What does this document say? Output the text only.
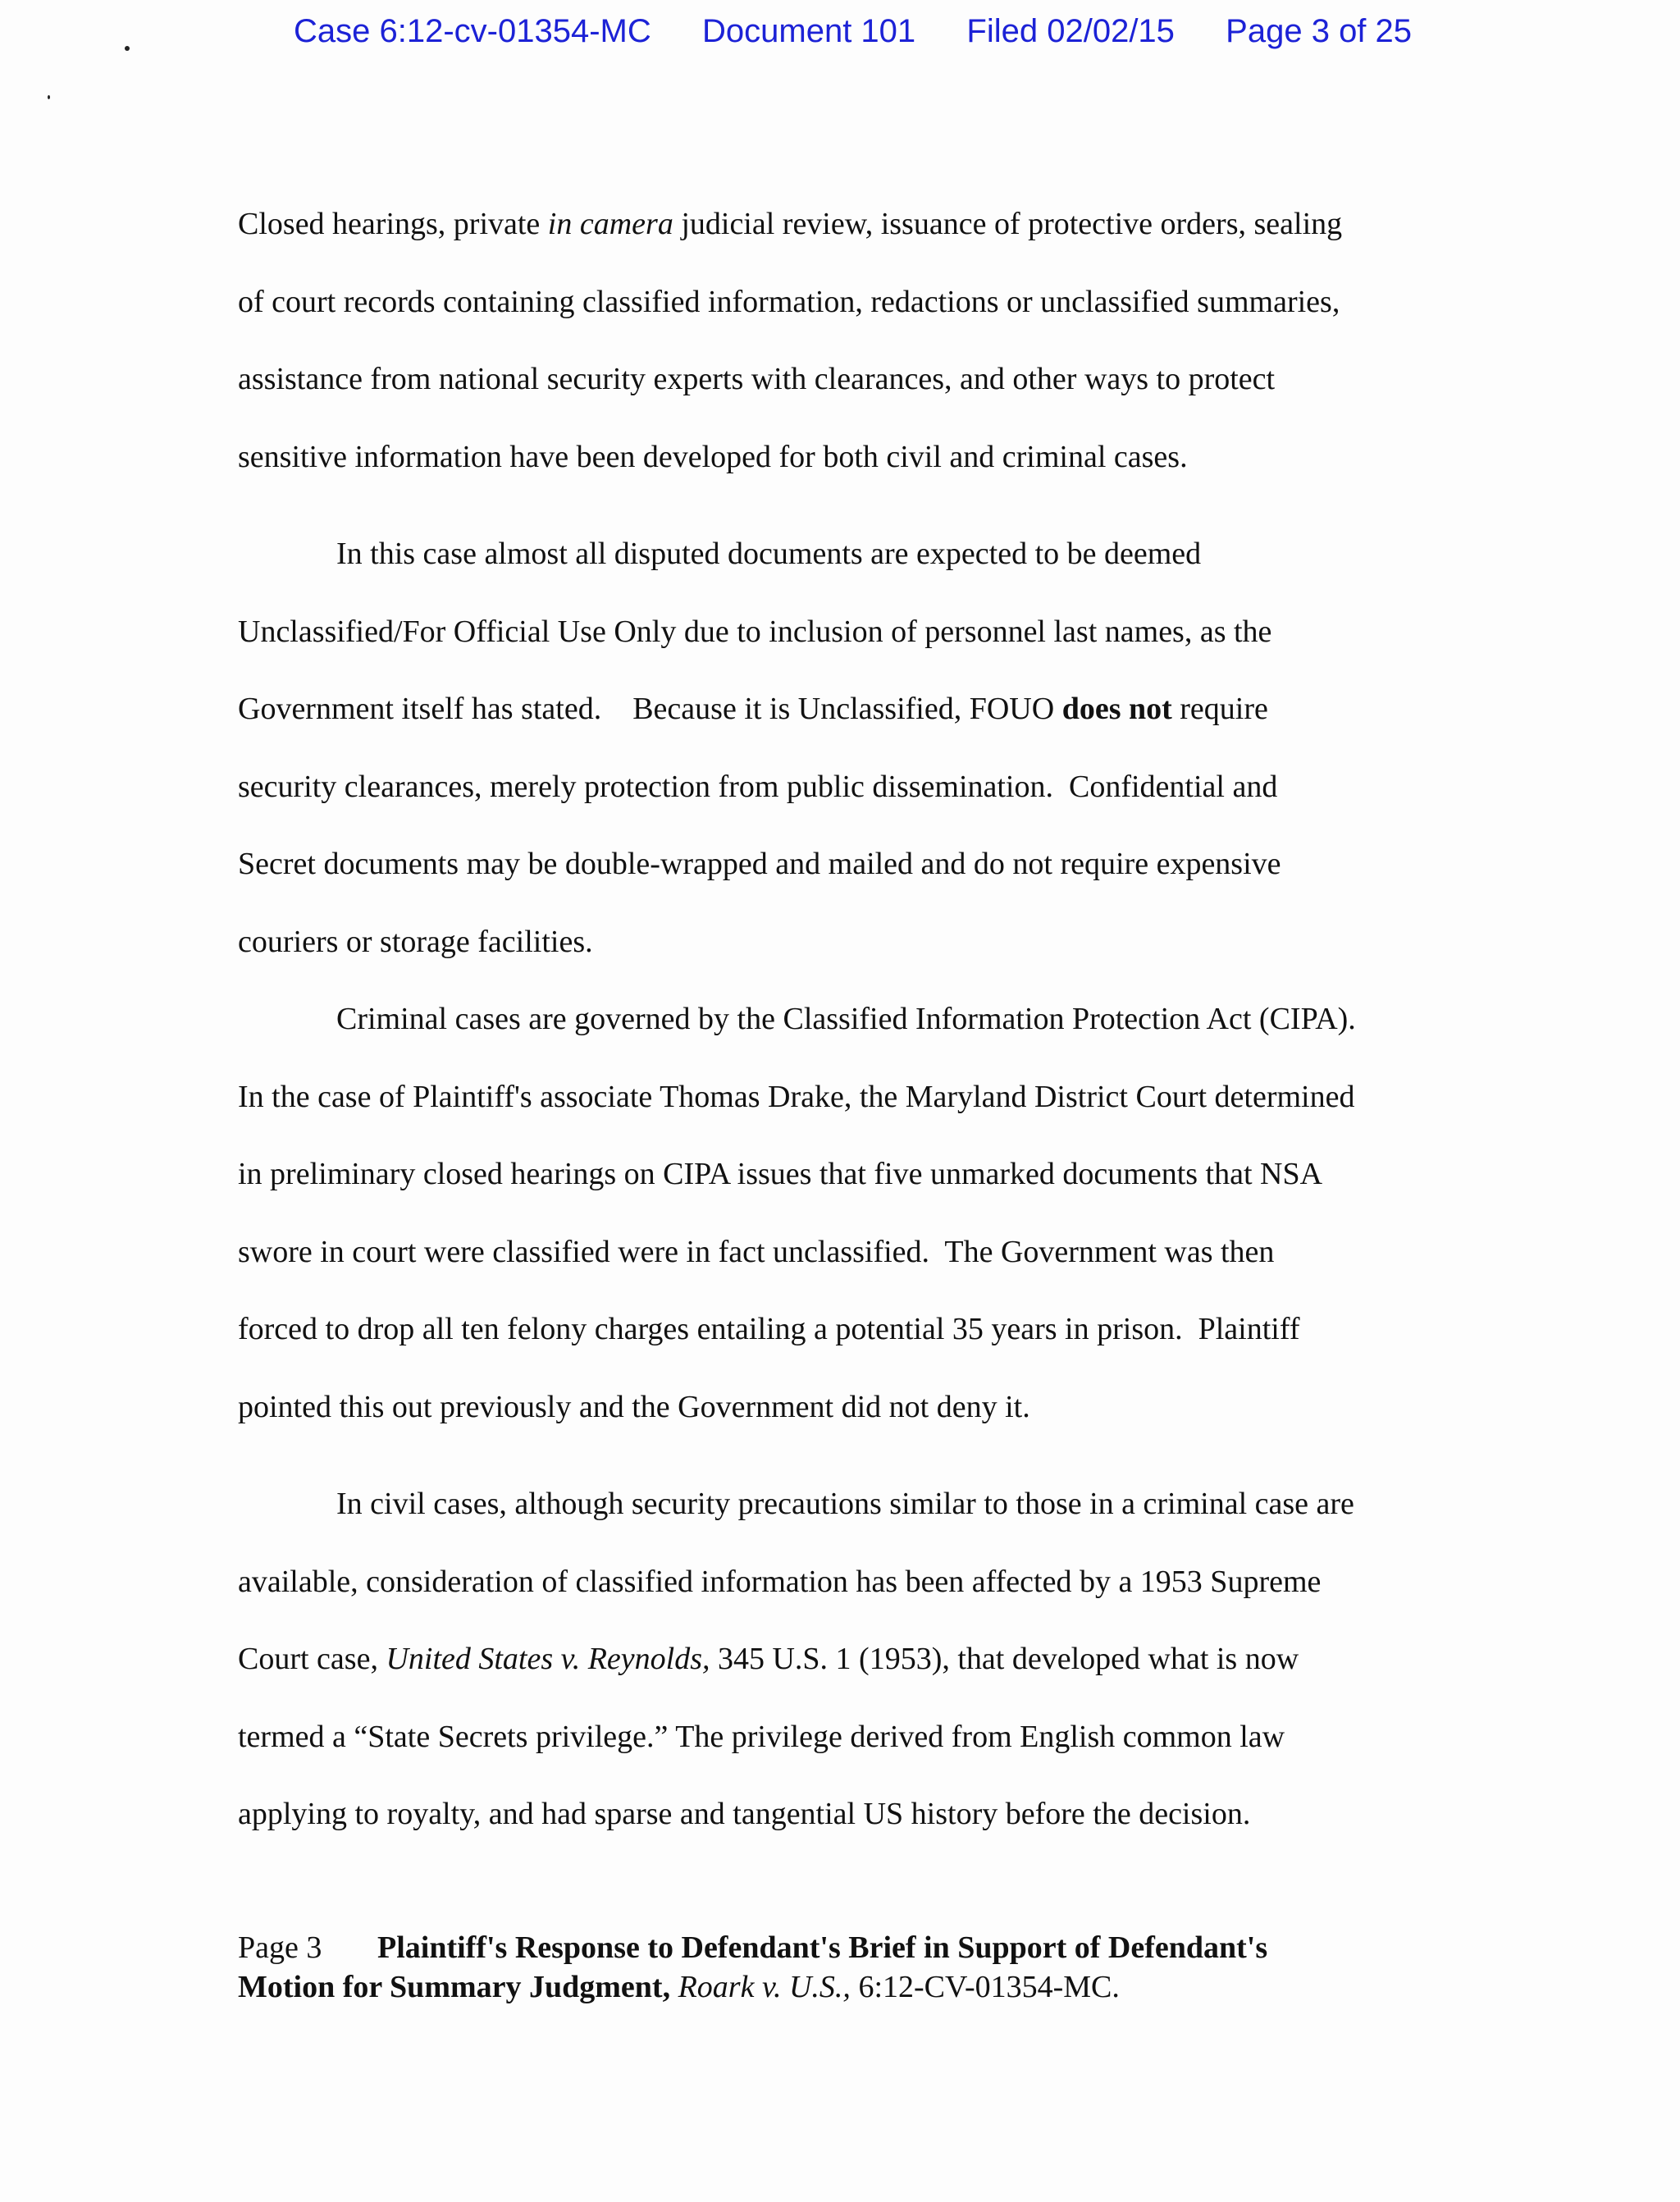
Case 6:12-cv-01354-MC Document 101 Filed 02/02/15 Page 3 of 25

Closed hearings, private in camera judicial review, issuance of protective orders, sealing
of court records containing classified information, redactions or unclassified summaries,
assistance from national security experts with clearances, and other ways to protect
sensitive information have been developed for both civil and criminal cases.

In this case almost all disputed documents are expected to be deemed
Unclassified/For Official Use Only due to inclusion of personnel last names, as the
Government itself has stated.    Because it is Unclassified, FOUO does not require
security clearances, merely protection from public dissemination.  Confidential and
Secret documents may be double-wrapped and mailed and do not require expensive
couriers or storage facilities.

Criminal cases are governed by the Classified Information Protection Act (CIPA).
In the case of Plaintiff's associate Thomas Drake, the Maryland District Court determined
in preliminary closed hearings on CIPA issues that five unmarked documents that NSA
swore in court were classified were in fact unclassified.  The Government was then
forced to drop all ten felony charges entailing a potential 35 years in prison.  Plaintiff
pointed this out previously and the Government did not deny it.

In civil cases, although security precautions similar to those in a criminal case are
available, consideration of classified information has been affected by a 1953 Supreme
Court case, United States v. Reynolds, 345 U.S. 1 (1953), that developed what is now
termed a “State Secrets privilege.” The privilege derived from English common law
applying to royalty, and had sparse and tangential US history before the decision.

Page 3 Plaintiff's Response to Defendant's Brief in Support of Defendant's
Motion for Summary Judgment, Roark v. U.S., 6:12-CV-01354-MC.
